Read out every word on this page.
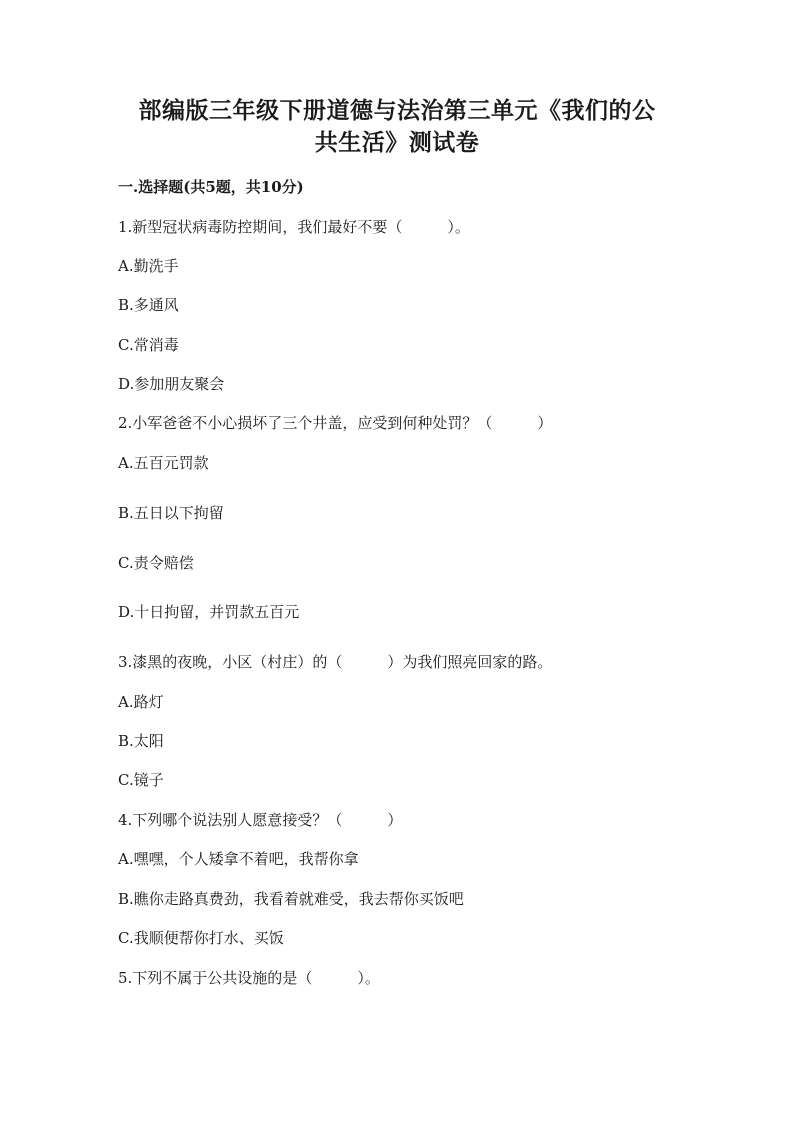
部编版三年级下册道德与法治第三单元《我们的公
共生活》测试卷
一.选择题(共5题，共10分)
1.新型冠状病毒防控期间，我们最好不要（　　　）。
A.勤洗手
B.多通风
C.常消毒
D.参加朋友聚会
2.小军爸爸不小心损坏了三个井盖，应受到何种处罚？（　　　）
A.五百元罚款
B.五日以下拘留
C.责令赔偿
D.十日拘留，并罚款五百元
3.漆黑的夜晚，小区（村庄）的（　　　）为我们照亮回家的路。
A.路灯
B.太阳
C.镜子
4.下列哪个说法别人愿意接受？（　　　）
A.嘿嘿，个人矮拿不着吧，我帮你拿
B.瞧你走路真费劲，我看着就难受，我去帮你买饭吧
C.我顺便帮你打水、买饭
5.下列不属于公共设施的是（　　　）。
